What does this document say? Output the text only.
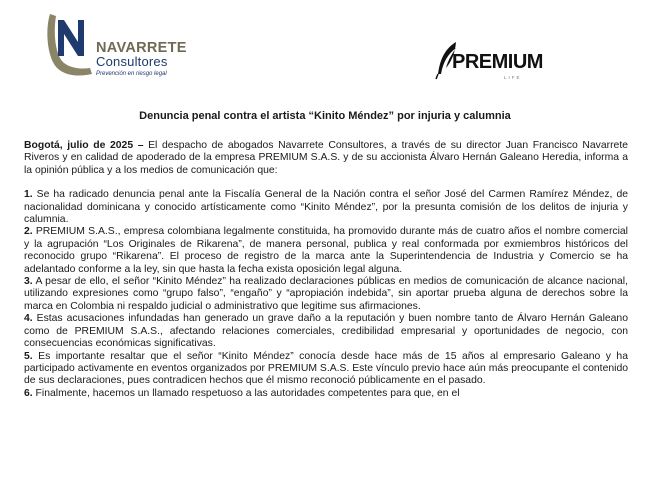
NAVARRETE
Consultores
Prevención en riesgo legal
PREMIUM
LIFE
Denuncia penal contra el artista “Kinito Méndez” por injuria y calumnia

Bogotá, julio de 2025 – El despacho de abogados Navarrete Consultores, a través de su director Juan Francisco Navarrete Riveros y en calidad de apoderado de la empresa PREMIUM S.A.S. y de su accionista Álvaro Hernán Galeano Heredia, informa a la opinión pública y a los medios de comunicación que:

1. Se ha radicado denuncia penal ante la Fiscalía General de la Nación contra el señor José del Carmen Ramírez Méndez, de nacionalidad dominicana y conocido artísticamente como “Kinito Méndez”, por la presunta comisión de los delitos de injuria y calumnia.

2. PREMIUM S.A.S., empresa colombiana legalmente constituida, ha promovido durante más de cuatro años el nombre comercial y la agrupación “Los Originales de Rikarena”, de manera personal, publica y real conformada por exmiembros históricos del reconocido grupo “Rikarena”. El proceso de registro de la marca ante la Superintendencia de Industria y Comercio se ha adelantado conforme a la ley, sin que hasta la fecha exista oposición legal alguna.

3. A pesar de ello, el señor “Kinito Méndez” ha realizado declaraciones públicas en medios de comunicación de alcance nacional, utilizando expresiones como “grupo falso”, “engaño” y “apropiación indebida”, sin aportar prueba alguna de derechos sobre la marca en Colombia ni respaldo judicial o administrativo que legitime sus afirmaciones.

4. Estas acusaciones infundadas han generado un grave daño a la reputación y buen nombre tanto de Álvaro Hernán Galeano como de PREMIUM S.A.S., afectando relaciones comerciales, credibilidad empresarial y oportunidades de negocio, con consecuencias económicas significativas.

5. Es importante resaltar que el señor “Kinito Méndez” conocía desde hace más de 15 años al empresario Galeano y ha participado activamente en eventos organizados por PREMIUM S.A.S. Este vínculo previo hace aún más preocupante el contenido de sus declaraciones, pues contradicen hechos que él mismo reconoció públicamente en el pasado.

6. Finalmente, hacemos un llamado respetuoso a las autoridades competentes para que, en el
